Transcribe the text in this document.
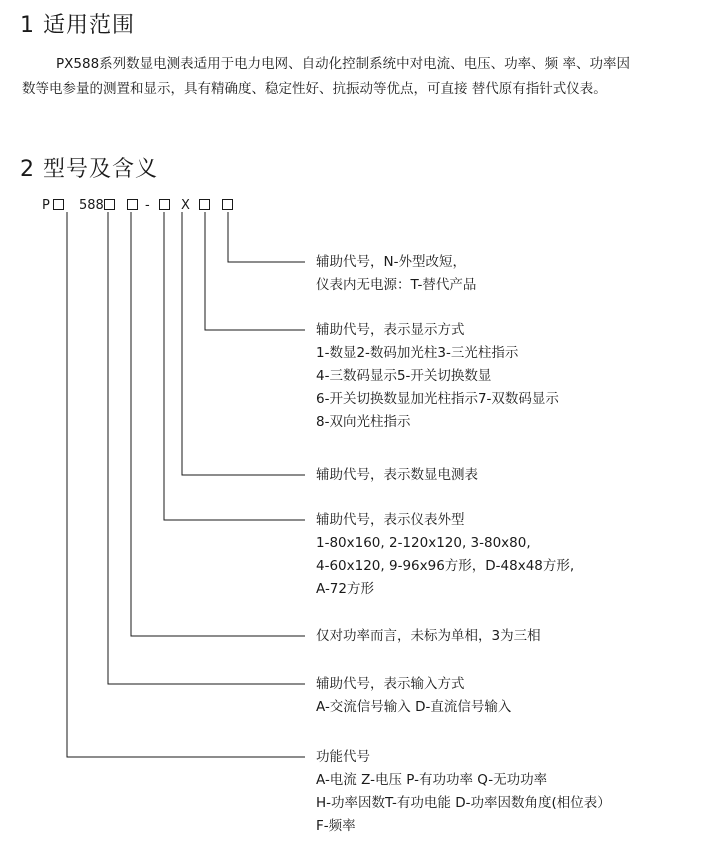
1 适用范围

PX588系列数显电测表适用于电力电网、自动化控制系统中对电流、电压、功率、频 率、功率因
数等电参量的测置和显示，具有精确度、稳定性好、抗振动等优点，可直接 替代原有指针式仪表。

2 型号及含义
P 588	- X
辅助代号，N-外型改短，
仪表内无电源：T-替代产品
辅助代号，表示显示方式
1-数显2-数码加光柱3-三光柱指示
4-三数码显示5-开关切换数显
6-开关切换数显加光柱指示7-双数码显示
8-双向光柱指示
辅助代号，表示数显电测表
辅助代号，表示仪表外型
1-80x160, 2-120x120, 3-80x80,
4-60x120, 9-96x96方形，D-48x48方形,
A-72方形
仅对功率而言，未标为单相，3为三相
辅助代号，表示输入方式
A-交流信号输入 D-直流信号输入
功能代号
A-电流 Z-电压 P-有功功率 Q-无功功率
H-功率因数T-有功电能 D-功率因数角度(相位表）
F-频率
